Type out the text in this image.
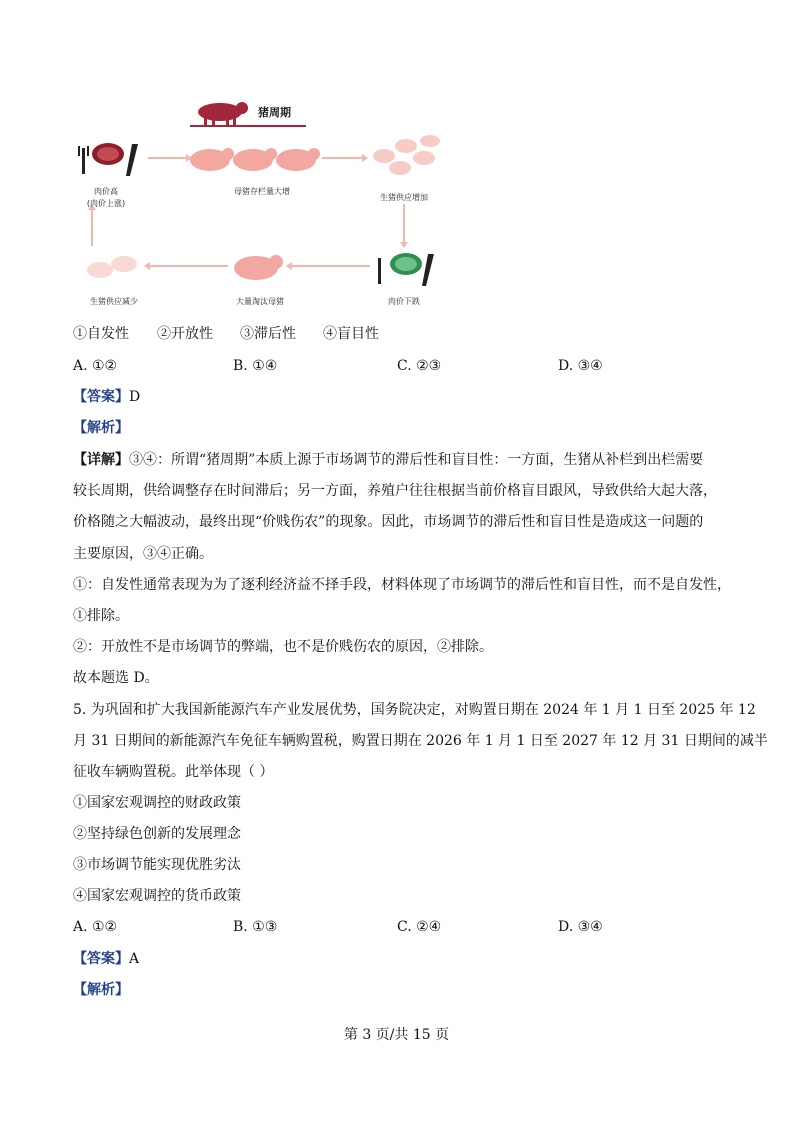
猪周期
肉价高
(肉价上涨)
母猪存栏量大增
生猪供应增加
肉价下跌
大量淘汰母猪
生猪供应减少
①自发性 ②开放性 ③滞后性 ④盲目性
A. ①②	B. ①④	C. ②③	D. ③④
【答案】D
【解析】
【详解】③④：所谓“猪周期”本质上源于市场调节的滞后性和盲目性：一方面，生猪从补栏到出栏需要
较长周期，供给调整存在时间滞后；另一方面，养殖户往往根据当前价格盲目跟风，导致供给大起大落，
价格随之大幅波动，最终出现“价贱伤农”的现象。因此，市场调节的滞后性和盲目性是造成这一问题的
主要原因，③④正确。
①：自发性通常表现为为了逐利经济益不择手段，材料体现了市场调节的滞后性和盲目性，而不是自发性，
①排除。
②：开放性不是市场调节的弊端，也不是价贱伤农的原因，②排除。
故本题选 D。
5. 为巩固和扩大我国新能源汽车产业发展优势，国务院决定，对购置日期在 2024 年 1 月 1 日至 2025 年 12
月 31 日期间的新能源汽车免征车辆购置税，购置日期在 2026 年 1 月 1 日至 2027 年 12 月 31 日期间的减半
征收车辆购置税。此举体现（ ）
①国家宏观调控的财政政策
②坚持绿色创新的发展理念
③市场调节能实现优胜劣汰
④国家宏观调控的货币政策
A. ①②	B. ①③	C. ②④	D. ③④
【答案】A
【解析】
第 3 页/共 15 页
